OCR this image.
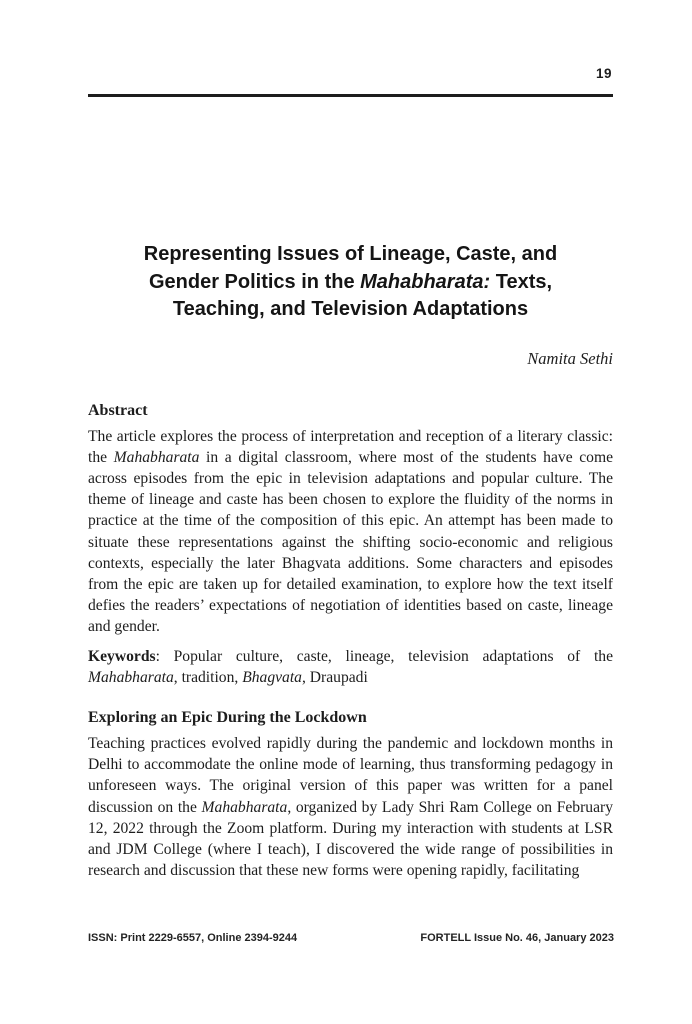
19
Representing Issues of Lineage, Caste, and
Gender Politics in the Mahabharata: Texts,
Teaching, and Television Adaptations
Namita Sethi
Abstract

The article explores the process of interpretation and reception of a literary classic: the Mahabharata in a digital classroom, where most of the students have come across episodes from the epic in television adaptations and popular culture. The theme of lineage and caste has been chosen to explore the fluidity of the norms in practice at the time of the composition of this epic. An attempt has been made to situate these representations against the shifting socio-economic and religious contexts, especially the later Bhagvata additions. Some characters and episodes from the epic are taken up for detailed examination, to explore how the text itself defies the readers’ expectations of negotiation of identities based on caste, lineage and gender.

Keywords: Popular culture, caste, lineage, television adaptations of the Mahabharata, tradition, Bhagvata, Draupadi

Exploring an Epic During the Lockdown

Teaching practices evolved rapidly during the pandemic and lockdown months in Delhi to accommodate the online mode of learning, thus transforming pedagogy in unforeseen ways. The original version of this paper was written for a panel discussion on the Mahabharata, organized by Lady Shri Ram College on February 12, 2022 through the Zoom platform. During my interaction with students at LSR and JDM College (where I teach), I discovered the wide range of possibilities in research and discussion that these new forms were opening rapidly, facilitating

ISSN: Print 2229-6557, Online 2394-9244	FORTELL Issue No. 46, January 2023
